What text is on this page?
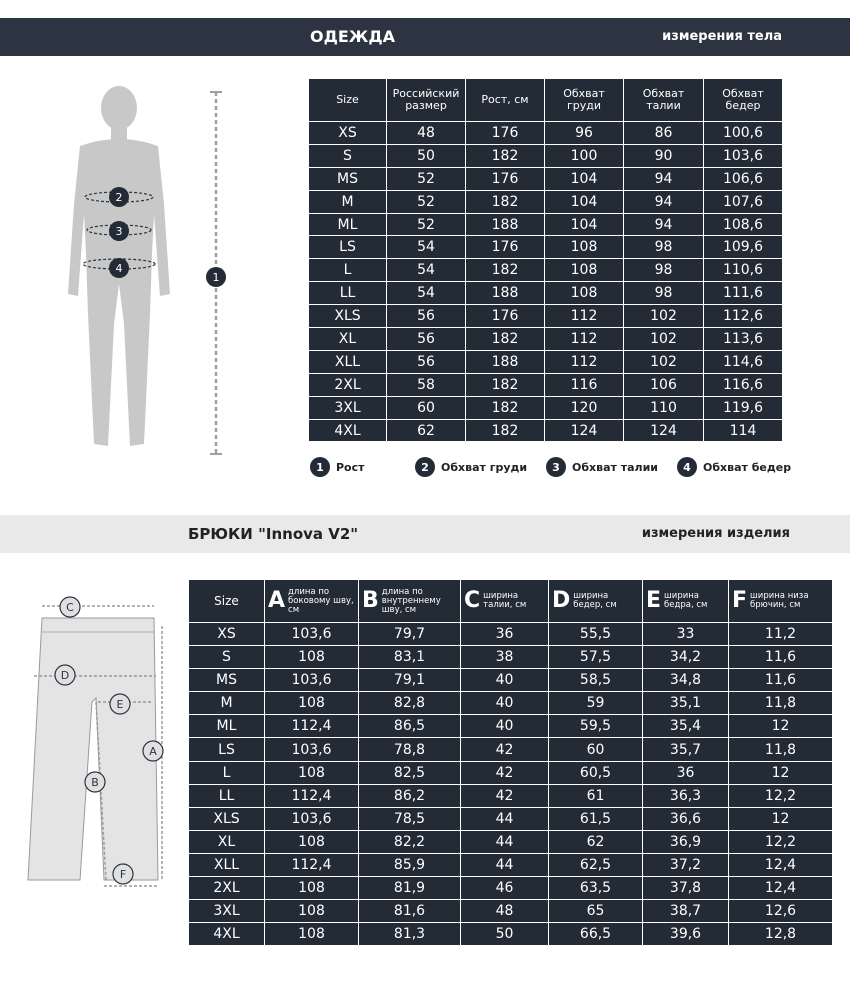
ОДЕЖДА	измерения тела
2
3
4
1
Size	Российский размер	Рост, см	Обхват груди	Обхват талии	Обхват бедер
XS	48	176	96	86	100,6
S	50	182	100	90	103,6
MS	52	176	104	94	106,6
M	52	182	104	94	107,6
ML	52	188	104	94	108,6
LS	54	176	108	98	109,6
L	54	182	108	98	110,6
LL	54	188	108	98	111,6
XLS	56	176	112	102	112,6
XL	56	182	112	102	113,6
XLL	56	188	112	102	114,6
2XL	58	182	116	106	116,6
3XL	60	182	120	110	119,6
4XL	62	182	124	124	114
1	Рост	2	Обхват груди	3	Обхват талии	4	Обхват бедер
БРЮКИ "Innova V2"	измерения изделия
C
D
E
A
B
F
Size	A длина по боковому шву, см	B длина по внутреннему шву, см	C ширина талии, см	D ширина бедер, см	E ширина бедра, см	F ширина низа брючин, см

XS	103,6	79,7	36	55,5	33	11,2
S	108	83,1	38	57,5	34,2	11,6
MS	103,6	79,1	40	58,5	34,8	11,6
M	108	82,8	40	59	35,1	11,8
ML	112,4	86,5	40	59,5	35,4	12
LS	103,6	78,8	42	60	35,7	11,8
L	108	82,5	42	60,5	36	12
LL	112,4	86,2	42	61	36,3	12,2
XLS	103,6	78,5	44	61,5	36,6	12
XL	108	82,2	44	62	36,9	12,2
XLL	112,4	85,9	44	62,5	37,2	12,4
2XL	108	81,9	46	63,5	37,8	12,4
3XL	108	81,6	48	65	38,7	12,6
4XL	108	81,3	50	66,5	39,6	12,8
